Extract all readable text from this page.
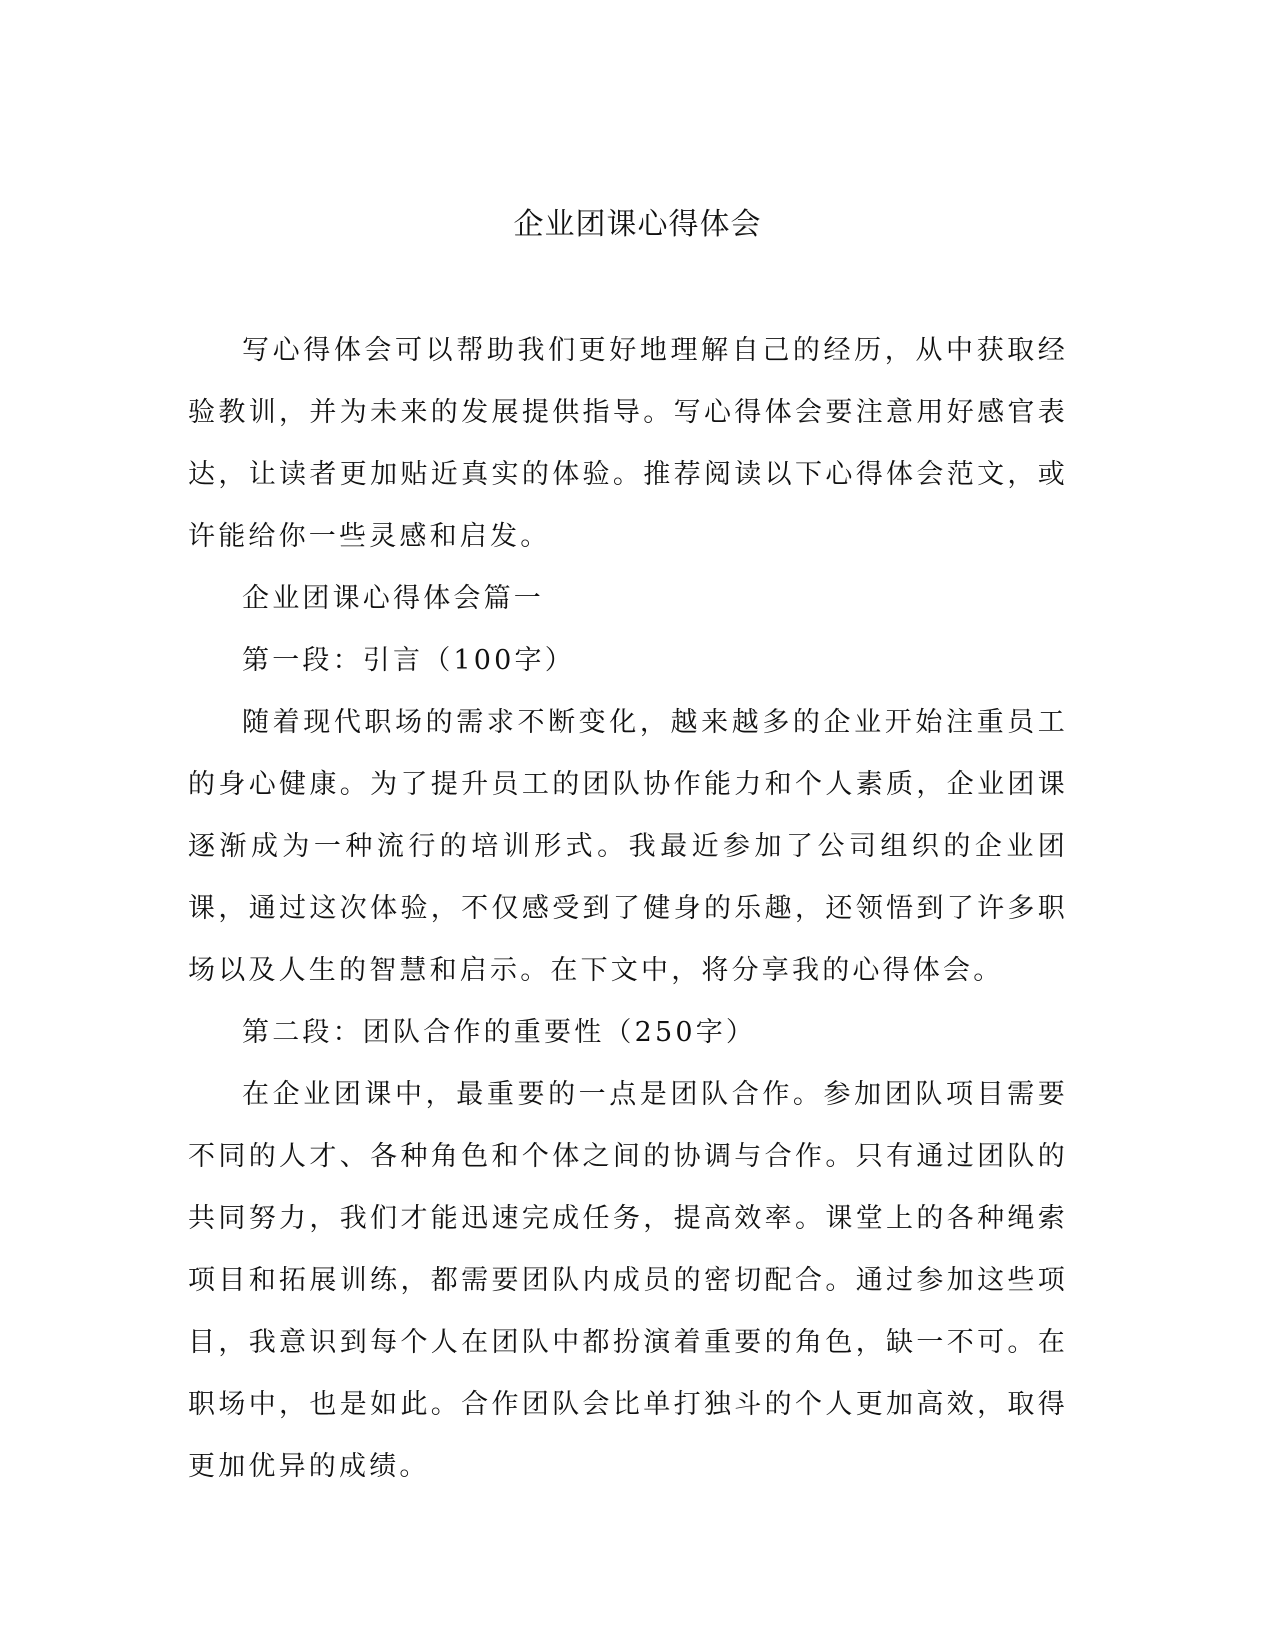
企业团课心得体会

写心得体会可以帮助我们更好地理解自己的经历，从中获取经验教训，并为未来的发展提供指导。写心得体会要注意用好感官表达，让读者更加贴近真实的体验。推荐阅读以下心得体会范文，或许能给你一些灵感和启发。

企业团课心得体会篇一

第一段：引言（100字）

随着现代职场的需求不断变化，越来越多的企业开始注重员工的身心健康。为了提升员工的团队协作能力和个人素质，企业团课逐渐成为一种流行的培训形式。我最近参加了公司组织的企业团课，通过这次体验，不仅感受到了健身的乐趣，还领悟到了许多职场以及人生的智慧和启示。在下文中，将分享我的心得体会。

第二段：团队合作的重要性（250字）

在企业团课中，最重要的一点是团队合作。参加团队项目需要不同的人才、各种角色和个体之间的协调与合作。只有通过团队的共同努力，我们才能迅速完成任务，提高效率。课堂上的各种绳索项目和拓展训练，都需要团队内成员的密切配合。通过参加这些项目，我意识到每个人在团队中都扮演着重要的角色，缺一不可。在职场中，也是如此。合作团队会比单打独斗的个人更加高效，取得更加优异的成绩。
